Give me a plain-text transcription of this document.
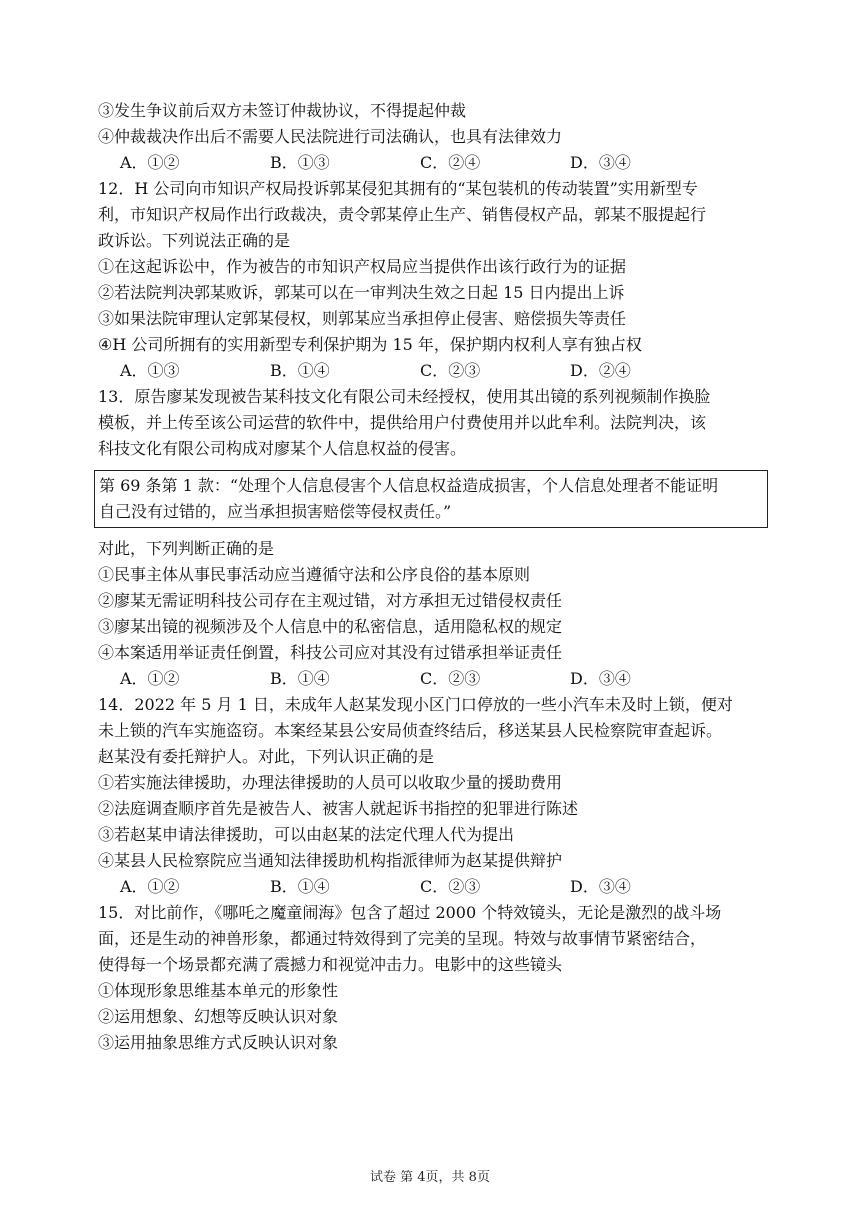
③发生争议前后双方未签订仲裁协议，不得提起仲裁
④仲裁裁决作出后不需要人民法院进行司法确认，也具有法律效力
A．①②	B．①③	C．②④	D．③④
12．H 公司向市知识产权局投诉郭某侵犯其拥有的“某包装机的传动装置”实用新型专
利，市知识产权局作出行政裁决，责令郭某停止生产、销售侵权产品，郭某不服提起行
政诉讼。下列说法正确的是
①在这起诉讼中，作为被告的市知识产权局应当提供作出该行政行为的证据
②若法院判决郭某败诉，郭某可以在一审判决生效之日起 15 日内提出上诉
③如果法院审理认定郭某侵权，则郭某应当承担停止侵害、赔偿损失等责任
④H 公司所拥有的实用新型专利保护期为 15 年，保护期内权利人享有独占权
A．①③	B．①④	C．②③	D．②④
13．原告廖某发现被告某科技文化有限公司未经授权，使用其出镜的系列视频制作换脸
模板，并上传至该公司运营的软件中，提供给用户付费使用并以此牟利。法院判决，该
科技文化有限公司构成对廖某个人信息权益的侵害。
第 69 条第 1 款：“处理个人信息侵害个人信息权益造成损害，个人信息处理者不能证明
自己没有过错的，应当承担损害赔偿等侵权责任。”
对此，下列判断正确的是
①民事主体从事民事活动应当遵循守法和公序良俗的基本原则
②廖某无需证明科技公司存在主观过错，对方承担无过错侵权责任
③廖某出镜的视频涉及个人信息中的私密信息，适用隐私权的规定
④本案适用举证责任倒置，科技公司应对其没有过错承担举证责任
A．①②	B．①④	C．②③	D．③④
14．2022 年 5 月 1 日，未成年人赵某发现小区门口停放的一些小汽车未及时上锁，便对
未上锁的汽车实施盗窃。本案经某县公安局侦查终结后，移送某县人民检察院审查起诉。
赵某没有委托辩护人。对此，下列认识正确的是
①若实施法律援助，办理法律援助的人员可以收取少量的援助费用
②法庭调查顺序首先是被告人、被害人就起诉书指控的犯罪进行陈述
③若赵某申请法律援助，可以由赵某的法定代理人代为提出
④某县人民检察院应当通知法律援助机构指派律师为赵某提供辩护
A．①②	B．①④	C．②③	D．③④
15．对比前作，《哪吒之魔童闹海》包含了超过 2000 个特效镜头，无论是激烈的战斗场
面，还是生动的神兽形象，都通过特效得到了完美的呈现。特效与故事情节紧密结合，
使得每一个场景都充满了震撼力和视觉冲击力。电影中的这些镜头
①体现形象思维基本单元的形象性
②运用想象、幻想等反映认识对象
③运用抽象思维方式反映认识对象
试卷 第 4页，共 8页
